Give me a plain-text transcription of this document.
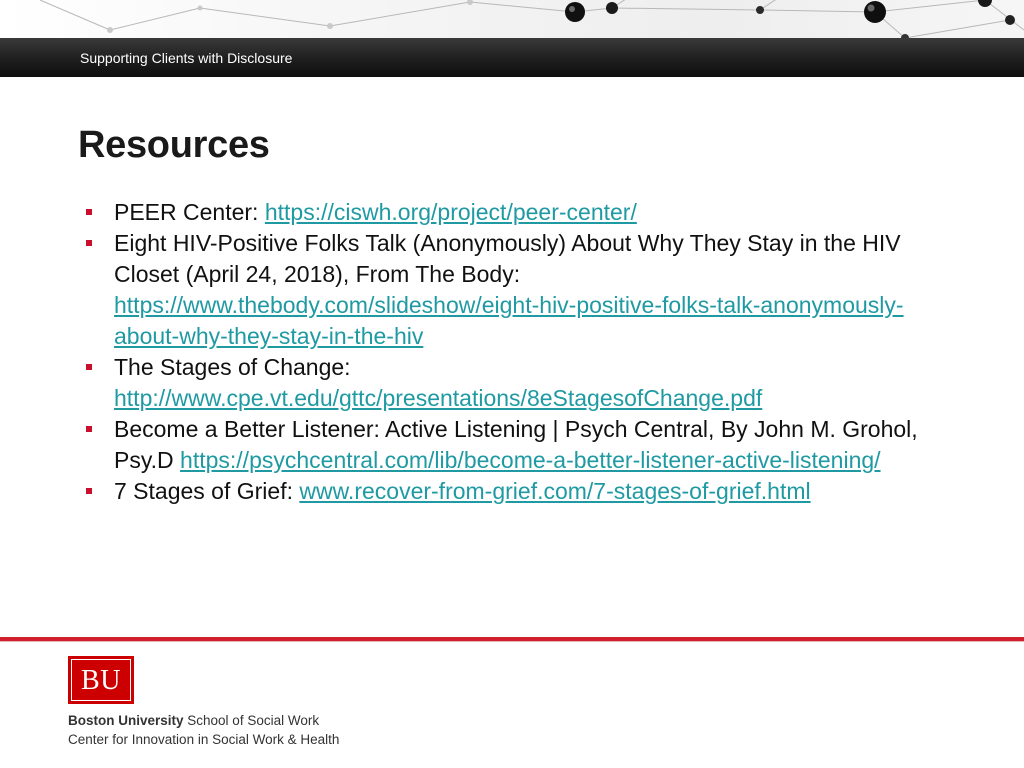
Supporting Clients with Disclosure
Resources
PEER Center: https://ciswh.org/project/peer-center/
Eight HIV-Positive Folks Talk (Anonymously) About Why They Stay in the HIV Closet (April 24, 2018), From The Body: https://www.thebody.com/slideshow/eight-hiv-positive-folks-talk-anonymously-about-why-they-stay-in-the-hiv
The Stages of Change: http://www.cpe.vt.edu/gttc/presentations/8eStagesofChange.pdf
Become a Better Listener: Active Listening | Psych Central, By John M. Grohol, Psy.D https://psychcentral.com/lib/become-a-better-listener-active-listening/
7 Stages of Grief: www.recover-from-grief.com/7-stages-of-grief.html
BU
Boston University School of Social Work
Center for Innovation in Social Work & Health
